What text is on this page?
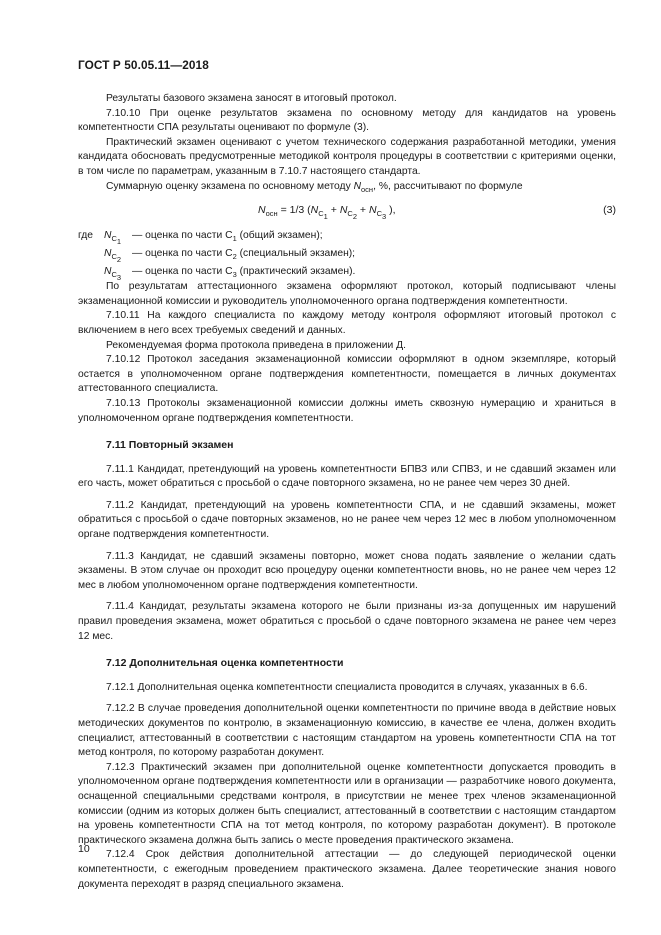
ГОСТ Р 50.05.11—2018

Результаты базового экзамена заносят в итоговый протокол.

7.10.10 При оценке результатов экзамена по основному методу для кандидатов на уровень компетентности СПА результаты оценивают по формуле (3).

Практический экзамен оценивают с учетом технического содержания разработанной методики, умения кандидата обосновать предусмотренные методикой контроля процедуры в соответствии с критериями оценки, в том числе по параметрам, указанным в 7.10.7 настоящего стандарта.

Суммарную оценку экзамена по основному методу $N_{осн}$, %, рассчитывают по формуле

$N_{осн} = 1/3$ ($N_{C_1} + N_{C_2} + N_{C_3}$ ),	(3)
где $N_{C_1}$
— оценка по части $С_1$ (общий экзамен);
$N_{C_2}$
— оценка по части $С_2$ (специальный экзамен);
$N_{C_3}$
— оценка по части $С_3$ (практический экзамен).

По результатам аттестационного экзамена оформляют протокол, который подписывают члены экзаменационной комиссии и руководитель уполномоченного органа подтверждения компетентности.

7.10.11 На каждого специалиста по каждому методу контроля оформляют итоговый протокол с включением в него всех требуемых сведений и данных.

Рекомендуемая форма протокола приведена в приложении Д.

7.10.12 Протокол заседания экзаменационной комиссии оформляют в одном экземпляре, который остается в уполномоченном органе подтверждения компетентности, помещается в личных документах аттестованного специалиста.

7.10.13 Протоколы экзаменационной комиссии должны иметь сквозную нумерацию и храниться в уполномоченном органе подтверждения компетентности.

7.11 Повторный экзамен

7.11.1 Кандидат, претендующий на уровень компетентности БПВЗ или СПВЗ, и не сдавший экзамен или его часть, может обратиться с просьбой о сдаче повторного экзамена, но не ранее чем через 30 дней.

7.11.2 Кандидат, претендующий на уровень компетентности СПА, и не сдавший экзамены, может обратиться с просьбой о сдаче повторных экзаменов, но не ранее чем через 12 мес в любом уполномоченном органе подтверждения компетентности.

7.11.3 Кандидат, не сдавший экзамены повторно, может снова подать заявление о желании сдать экзамены. В этом случае он проходит всю процедуру оценки компетентности вновь, но не ранее чем через 12 мес в любом уполномоченном органе подтверждения компетентности.

7.11.4 Кандидат, результаты экзамена которого не были признаны из-за допущенных им нарушений правил проведения экзамена, может обратиться с просьбой о сдаче повторного экзамена не ранее чем через 12 мес.

7.12 Дополнительная оценка компетентности

7.12.1 Дополнительная оценка компетентности специалиста проводится в случаях, указанных в 6.6.

7.12.2 В случае проведения дополнительной оценки компетентности по причине ввода в действие новых методических документов по контролю, в экзаменационную комиссию, в качестве ее члена, должен входить специалист, аттестованный в соответствии с настоящим стандартом на уровень компетентности СПА на тот метод контроля, по которому разработан документ.

7.12.3 Практический экзамен при дополнительной оценке компетентности допускается проводить в уполномоченном органе подтверждения компетентности или в организации — разработчике нового документа, оснащенной специальными средствами контроля, в присутствии не менее трех членов экзаменационной комиссии (одним из которых должен быть специалист, аттестованный в соответствии с настоящим стандартом на уровень компетентности СПА на тот метод контроля, по которому разработан документ). В протоколе практического экзамена должна быть запись о месте проведения практического экзамена.

7.12.4 Срок действия дополнительной аттестации — до следующей периодической оценки компетентности, с ежегодным проведением практического экзамена. Далее теоретические знания нового документа переходят в разряд специального экзамена.

10
